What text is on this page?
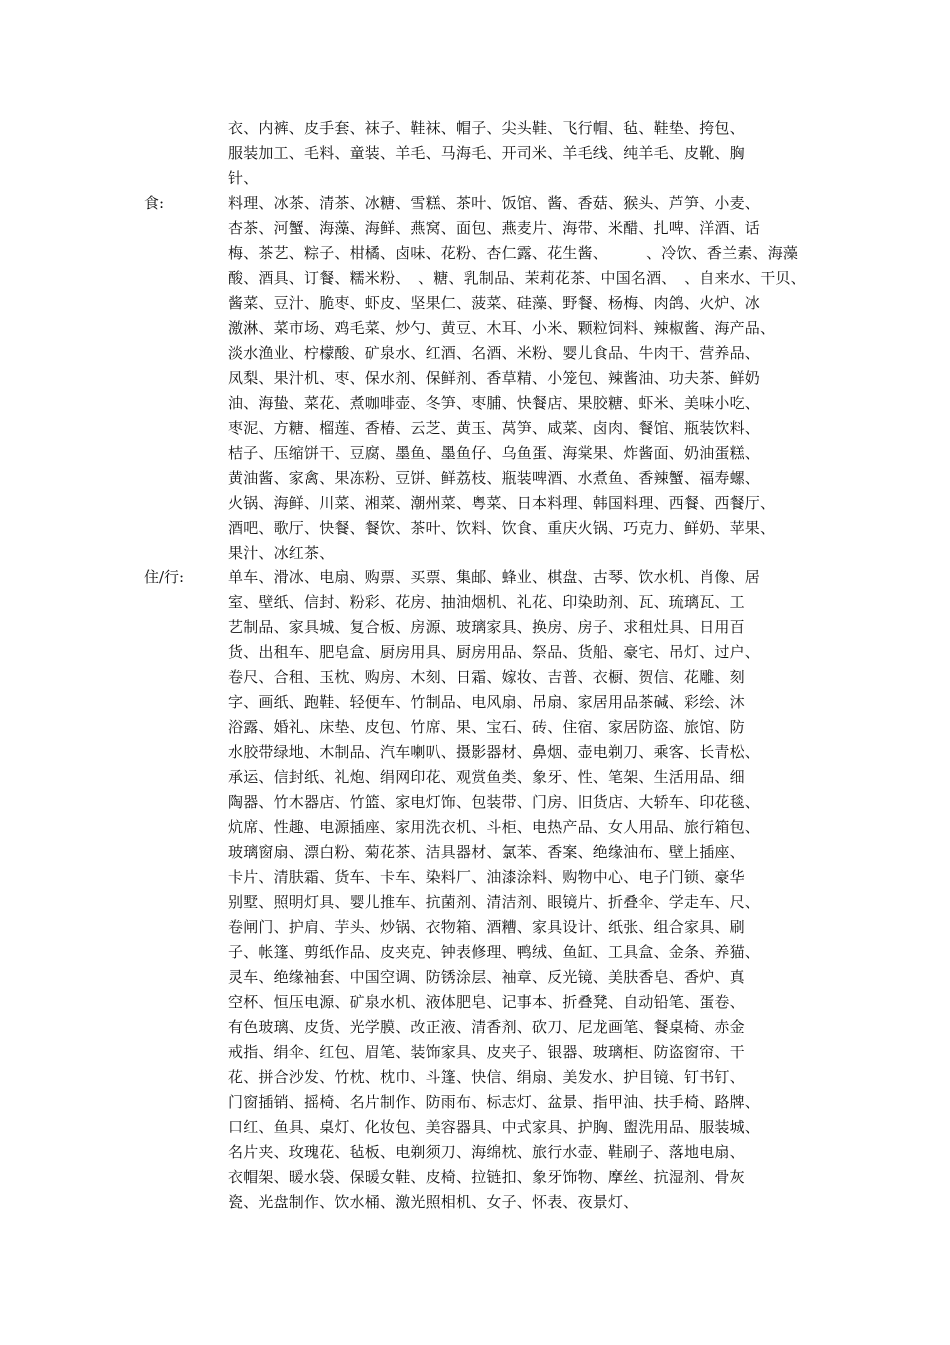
衣、内裤、皮手套、袜子、鞋袜、帽子、尖头鞋、飞行帽、毡、鞋垫、挎包、
服装加工、毛料、童装、羊毛、马海毛、开司米、羊毛线、纯羊毛、皮靴、胸
针、
食:	料理、冰茶、清茶、冰糖、雪糕、茶叶、饭馆、酱、香菇、猴头、芦笋、小麦、
杏茶、河蟹、海藻、海鲜、燕窝、面包、燕麦片、海带、米醋、扎啤、洋酒、话
梅、茶艺、粽子、柑橘、卤味、花粉、杏仁露、花生酱、　　　、冷饮、香兰素、海藻
酸、酒具、订餐、糯米粉、　、糖、乳制品、茉莉花茶、中国名酒、　、自来水、干贝、
酱菜、豆汁、脆枣、虾皮、坚果仁、菠菜、硅藻、野餐、杨梅、肉鸽、火炉、冰
激淋、菜市场、鸡毛菜、炒勺、黄豆、木耳、小米、颗粒饲料、辣椒酱、海产品、
淡水渔业、柠檬酸、矿泉水、红酒、名酒、米粉、婴儿食品、牛肉干、营养品、
凤梨、果汁机、枣、保水剂、保鲜剂、香草精、小笼包、辣酱油、功夫茶、鲜奶
油、海蛰、菜花、煮咖啡壶、冬笋、枣脯、快餐店、果胶糖、虾米、美味小吃、
枣泥、方糖、榴莲、香椿、云芝、黄玉、莴笋、咸菜、卤肉、餐馆、瓶装饮料、
桔子、压缩饼干、豆腐、墨鱼、墨鱼仔、乌鱼蛋、海棠果、炸酱面、奶油蛋糕、
黄油酱、家禽、果冻粉、豆饼、鲜荔枝、瓶装啤酒、水煮鱼、香辣蟹、福寿螺、
火锅、海鲜、川菜、湘菜、潮州菜、粤菜、日本料理、韩国料理、西餐、西餐厅、
酒吧、歌厅、快餐、餐饮、茶叶、饮料、饮食、重庆火锅、巧克力、鲜奶、苹果、
果汁、冰红茶、
住/行:	单车、滑冰、电扇、购票、买票、集邮、蜂业、棋盘、古琴、饮水机、肖像、居
室、壁纸、信封、粉彩、花房、抽油烟机、礼花、印染助剂、瓦、琉璃瓦、工
艺制品、家具城、复合板、房源、玻璃家具、换房、房子、求租灶具、日用百
货、出租车、肥皂盒、厨房用具、厨房用品、祭品、货船、豪宅、吊灯、过户、
卷尺、合租、玉枕、购房、木刻、日霜、嫁妆、吉普、衣橱、贺信、花雕、刻
字、画纸、跑鞋、轻便车、竹制品、电风扇、吊扇、家居用品茶碱、彩绘、沐
浴露、婚礼、床垫、皮包、竹席、果、宝石、砖、住宿、家居防盗、旅馆、防
水胶带绿地、木制品、汽车喇叭、摄影器材、鼻烟、壶电剃刀、乘客、长青松、
承运、信封纸、礼炮、绢网印花、观赏鱼类、象牙、性、笔架、生活用品、细
陶器、竹木器店、竹篮、家电灯饰、包装带、门房、旧货店、大轿车、印花毯、
炕席、性趣、电源插座、家用洗衣机、斗柜、电热产品、女人用品、旅行箱包、
玻璃窗扇、漂白粉、菊花茶、洁具器材、氯苯、香案、绝缘油布、壁上插座、
卡片、清肤霜、货车、卡车、染料厂、油漆涂料、购物中心、电子门锁、豪华
别墅、照明灯具、婴儿推车、抗菌剂、清洁剂、眼镜片、折叠伞、学走车、尺、
卷闸门、护肩、芋头、炒锅、衣物箱、酒糟、家具设计、纸张、组合家具、刷
子、帐篷、剪纸作品、皮夹克、钟表修理、鸭绒、鱼缸、工具盒、金条、养猫、
灵车、绝缘袖套、中国空调、防锈涂层、袖章、反光镜、美肤香皂、香炉、真
空杯、恒压电源、矿泉水机、液体肥皂、记事本、折叠凳、自动铅笔、蛋卷、
有色玻璃、皮货、光学膜、改正液、清香剂、砍刀、尼龙画笔、餐桌椅、赤金
戒指、绢伞、红包、眉笔、装饰家具、皮夹子、银器、玻璃柜、防盗窗帘、干
花、拼合沙发、竹枕、枕巾、斗篷、快信、绢扇、美发水、护目镜、钉书钉、
门窗插销、摇椅、名片制作、防雨布、标志灯、盆景、指甲油、扶手椅、路牌、
口红、鱼具、桌灯、化妆包、美容器具、中式家具、护胸、盥洗用品、服装城、
名片夹、玫瑰花、毡板、电剃须刀、海绵枕、旅行水壶、鞋刷子、落地电扇、
衣帽架、暖水袋、保暖女鞋、皮椅、拉链扣、象牙饰物、摩丝、抗湿剂、骨灰
瓷、光盘制作、饮水桶、激光照相机、女子、怀表、夜景灯、
